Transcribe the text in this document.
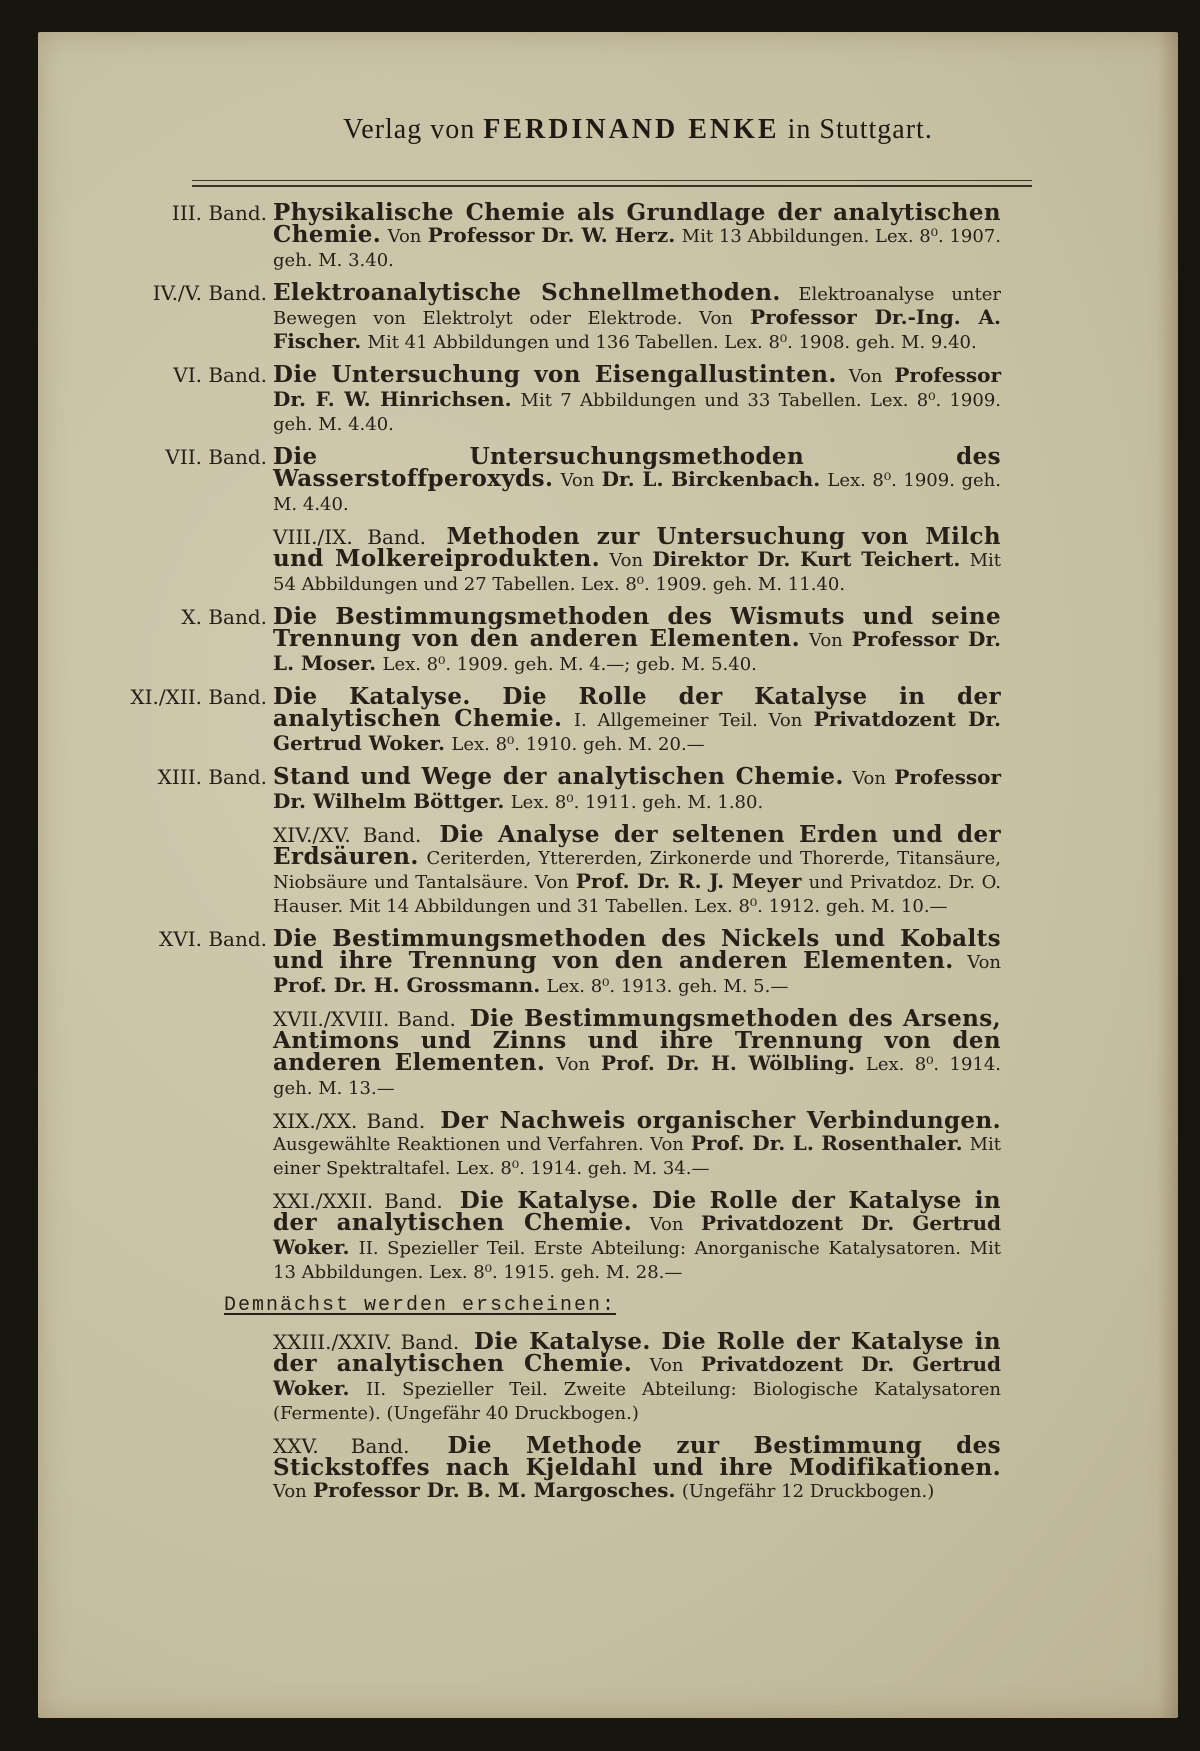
Verlag von FERDINAND ENKE in Stuttgart.
III. Band. Physikalische Chemie als Grundlage der analytischen Chemie. Von Professor Dr. W. Herz. Mit 13 Abbildungen. Lex. 8⁰. 1907. geh. M. 3.40.
IV./V. Band. Elektroanalytische Schnellmethoden. Elektroanalyse unter Bewegen von Elektrolyt oder Elektrode. Von Professor Dr.-Ing. A. Fischer. Mit 41 Abbildungen und 136 Tabellen. Lex. 8⁰. 1908. geh. M. 9.40.
VI. Band. Die Untersuchung von Eisengallustinten. Von Professor Dr. F. W. Hinrichsen. Mit 7 Abbildungen und 33 Tabellen. Lex. 8⁰. 1909. geh. M. 4.40.
VII. Band. Die Untersuchungsmethoden des Wasserstoffperoxyds. Von Dr. L. Birckenbach. Lex. 8⁰. 1909. geh. M. 4.40.
VIII./IX. Band. Methoden zur Untersuchung von Milch und Molkereiprodukten. Von Direktor Dr. Kurt Teichert. Mit 54 Abbildungen und 27 Tabellen. Lex. 8⁰. 1909. geh. M. 11.40.
X. Band. Die Bestimmungsmethoden des Wismuts und seine Trennung von den anderen Elementen. Von Professor Dr. L. Moser. Lex. 8⁰. 1909. geh. M. 4.—; geb. M. 5.40.
XI./XII. Band. Die Katalyse. Die Rolle der Katalyse in der analytischen Chemie. I. Allgemeiner Teil. Von Privatdozent Dr. Gertrud Woker. Lex. 8⁰. 1910. geh. M. 20.—
XIII. Band. Stand und Wege der analytischen Chemie. Von Professor Dr. Wilhelm Böttger. Lex. 8⁰. 1911. geh. M. 1.80.
XIV./XV. Band. Die Analyse der seltenen Erden und der Erdsäuren. Ceriterden, Yttererden, Zirkonerde und Thorerde, Titansäure, Niobsäure und Tantalsäure. Von Prof. Dr. R. J. Meyer und Privatdoz. Dr. O. Hauser. Mit 14 Abbildungen und 31 Tabellen. Lex. 8⁰. 1912. geh. M. 10.—
XVI. Band. Die Bestimmungsmethoden des Nickels und Kobalts und ihre Trennung von den anderen Elementen. Von Prof. Dr. H. Grossmann. Lex. 8⁰. 1913. geh. M. 5.—
XVII./XVIII. Band. Die Bestimmungsmethoden des Arsens, Antimons und Zinns und ihre Trennung von den anderen Elementen. Von Prof. Dr. H. Wölbling. Lex. 8⁰. 1914. geh. M. 13.—
XIX./XX. Band. Der Nachweis organischer Verbindungen. Ausgewählte Reaktionen und Verfahren. Von Prof. Dr. L. Rosenthaler. Mit einer Spektraltafel. Lex. 8⁰. 1914. geh. M. 34.—
XXI./XXII. Band. Die Katalyse. Die Rolle der Katalyse in der analytischen Chemie. Von Privatdozent Dr. Gertrud Woker. II. Spezieller Teil. Erste Abteilung: Anorganische Katalysatoren. Mit 13 Abbildungen. Lex. 8⁰. 1915. geh. M. 28.—
Demnächst werden erscheinen:
XXIII./XXIV. Band. Die Katalyse. Die Rolle der Katalyse in der analytischen Chemie. Von Privatdozent Dr. Gertrud Woker. II. Spezieller Teil. Zweite Abteilung: Biologische Katalysatoren (Fermente). (Ungefähr 40 Druckbogen.)
XXV. Band. Die Methode zur Bestimmung des Stickstoffes nach Kjeldahl und ihre Modifikationen. Von Professor Dr. B. M. Margosches. (Ungefähr 12 Druckbogen.)
